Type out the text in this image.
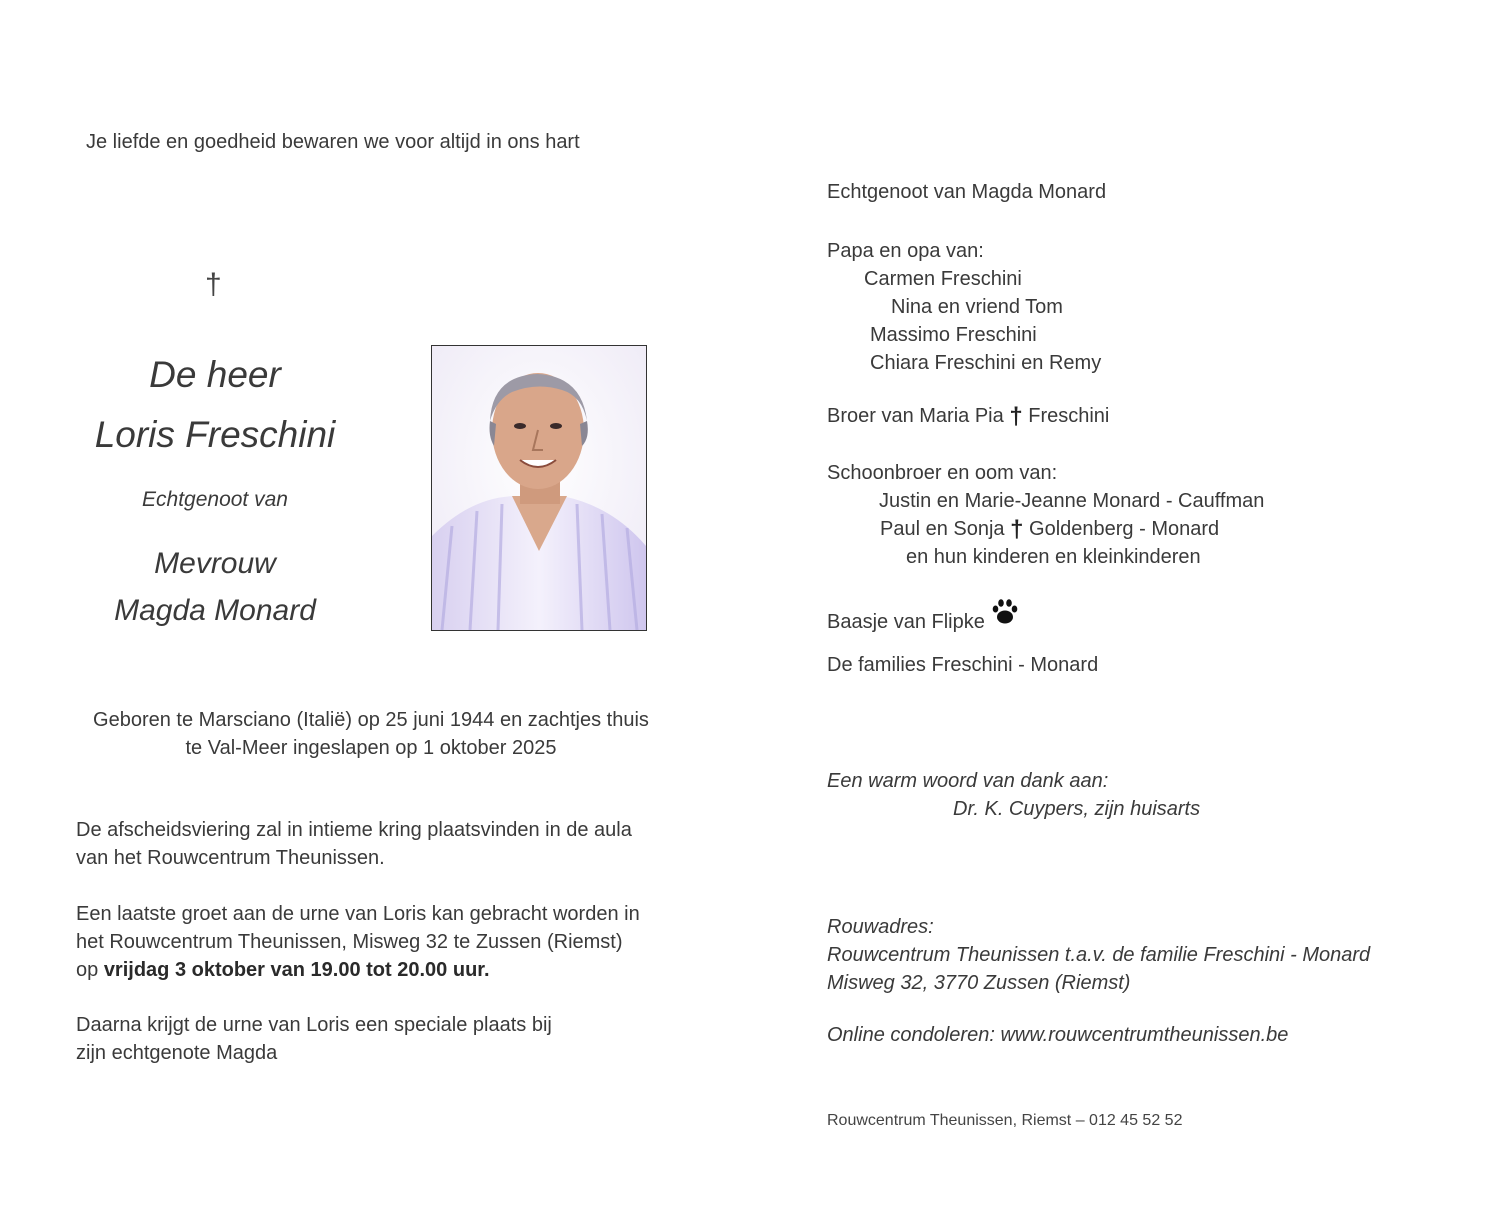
Je liefde en goedheid bewaren we voor altijd in ons hart

†
De heer
Loris Freschini
Echtgenoot van
Mevrouw
Magda Monard
Geboren te Marsciano (Italië) op 25 juni 1944 en zachtjes thuis
te Val-Meer ingeslapen op 1 oktober 2025
De afscheidsviering zal in intieme kring plaatsvinden in de aula
van het Rouwcentrum Theunissen.
Een laatste groet aan de urne van Loris kan gebracht worden in
het Rouwcentrum Theunissen, Misweg 32 te Zussen (Riemst)
op vrijdag 3 oktober van 19.00 tot 20.00 uur.
Daarna krijgt de urne van Loris een speciale plaats bij
zijn echtgenote Magda
Echtgenoot van Magda Monard
Papa en opa van:
Carmen Freschini
Nina en vriend Tom
Massimo Freschini
Chiara Freschini en Remy
Broer van Maria Pia † Freschini
Schoonbroer en oom van:
Justin en Marie-Jeanne Monard - Cauffman
Paul en Sonja † Goldenberg - Monard
en hun kinderen en kleinkinderen
Baasje van Flipke
De families Freschini - Monard
Een warm woord van dank aan:
Dr. K. Cuypers, zijn huisarts
Rouwadres:
Rouwcentrum Theunissen t.a.v. de familie Freschini - Monard
Misweg 32, 3770 Zussen (Riemst)
Online condoleren: www.rouwcentrumtheunissen.be
Rouwcentrum Theunissen, Riemst – 012 45 52 52
